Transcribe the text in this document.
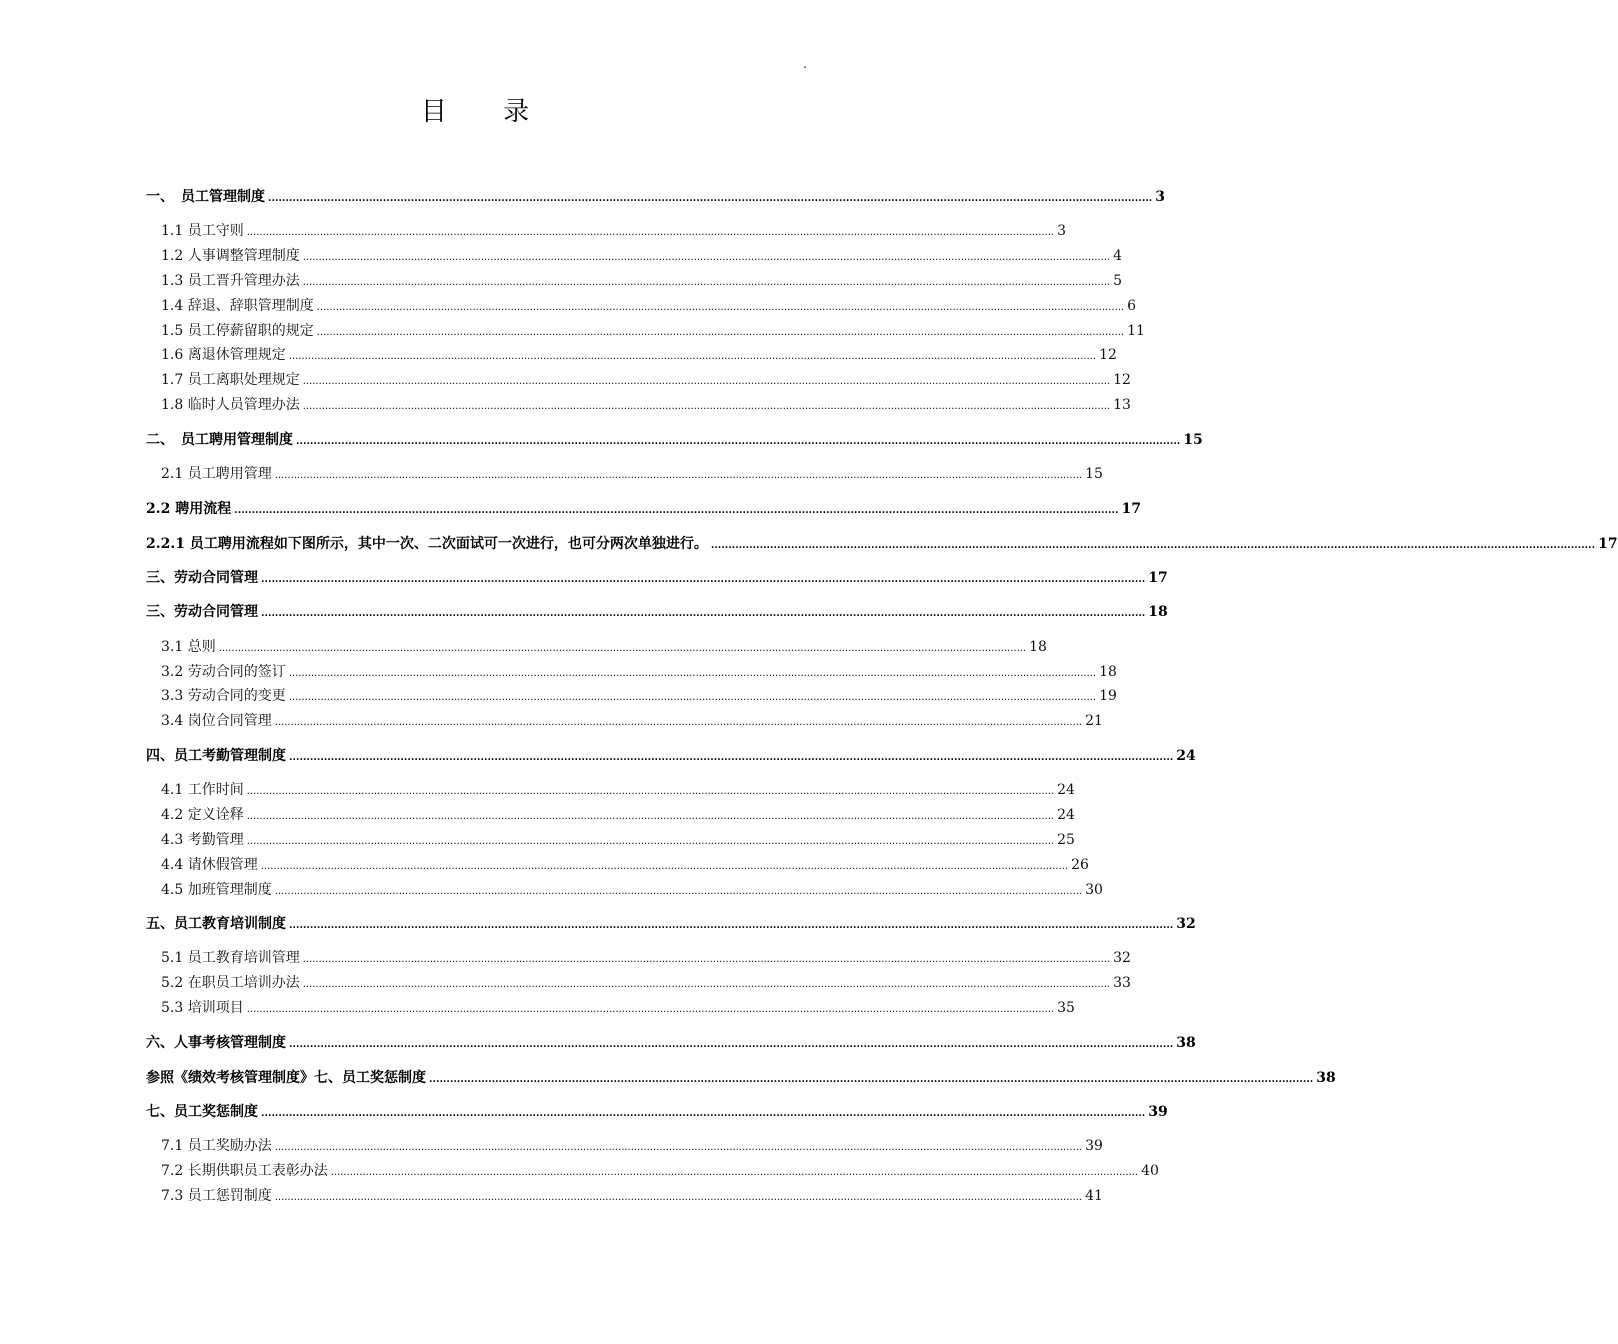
.
目 录
一、　员工管理制度 .............................................................................................................................................................................................................................................................. 3
1.1 员工守则 .............................................................................................................................................................................................................................................................. 3
1.2 人事调整管理制度 .............................................................................................................................................................................................................................................................. 4
1.3 员工晋升管理办法 .............................................................................................................................................................................................................................................................. 5
1.4 辞退、辞职管理制度 .............................................................................................................................................................................................................................................................. 6
1.5 员工停薪留职的规定 .............................................................................................................................................................................................................................................................. 11
1.6 离退休管理规定 .............................................................................................................................................................................................................................................................. 12
1.7 员工离职处理规定 .............................................................................................................................................................................................................................................................. 12
1.8 临时人员管理办法 .............................................................................................................................................................................................................................................................. 13
二、　员工聘用管理制度 .............................................................................................................................................................................................................................................................. 15
2.1 员工聘用管理 .............................................................................................................................................................................................................................................................. 15
2.2 聘用流程 .............................................................................................................................................................................................................................................................. 17
2.2.1 员工聘用流程如下图所示，其中一次、二次面试可一次进行，也可分两次单独进行。 .............................................................................................................................................................................................................................................................. 17
三、劳动合同管理 .............................................................................................................................................................................................................................................................. 17
三、劳动合同管理 .............................................................................................................................................................................................................................................................. 18
3.1 总则 .............................................................................................................................................................................................................................................................. 18
3.2 劳动合同的签订 .............................................................................................................................................................................................................................................................. 18
3.3 劳动合同的变更 .............................................................................................................................................................................................................................................................. 19
3.4 岗位合同管理 .............................................................................................................................................................................................................................................................. 21
四、员工考勤管理制度 .............................................................................................................................................................................................................................................................. 24
4.1 工作时间 .............................................................................................................................................................................................................................................................. 24
4.2 定义诠释 .............................................................................................................................................................................................................................................................. 24
4.3 考勤管理 .............................................................................................................................................................................................................................................................. 25
4.4 请休假管理 .............................................................................................................................................................................................................................................................. 26
4.5 加班管理制度 .............................................................................................................................................................................................................................................................. 30
五、员工教育培训制度 .............................................................................................................................................................................................................................................................. 32
5.1 员工教育培训管理 .............................................................................................................................................................................................................................................................. 32
5.2 在职员工培训办法 .............................................................................................................................................................................................................................................................. 33
5.3 培训项目 .............................................................................................................................................................................................................................................................. 35
六、人事考核管理制度 .............................................................................................................................................................................................................................................................. 38
参照《绩效考核管理制度》七、员工奖惩制度 .............................................................................................................................................................................................................................................................. 38
七、员工奖惩制度 .............................................................................................................................................................................................................................................................. 39
7.1 员工奖励办法 .............................................................................................................................................................................................................................................................. 39
7.2 长期供职员工表彰办法 .............................................................................................................................................................................................................................................................. 40
7.3 员工惩罚制度 .............................................................................................................................................................................................................................................................. 41
